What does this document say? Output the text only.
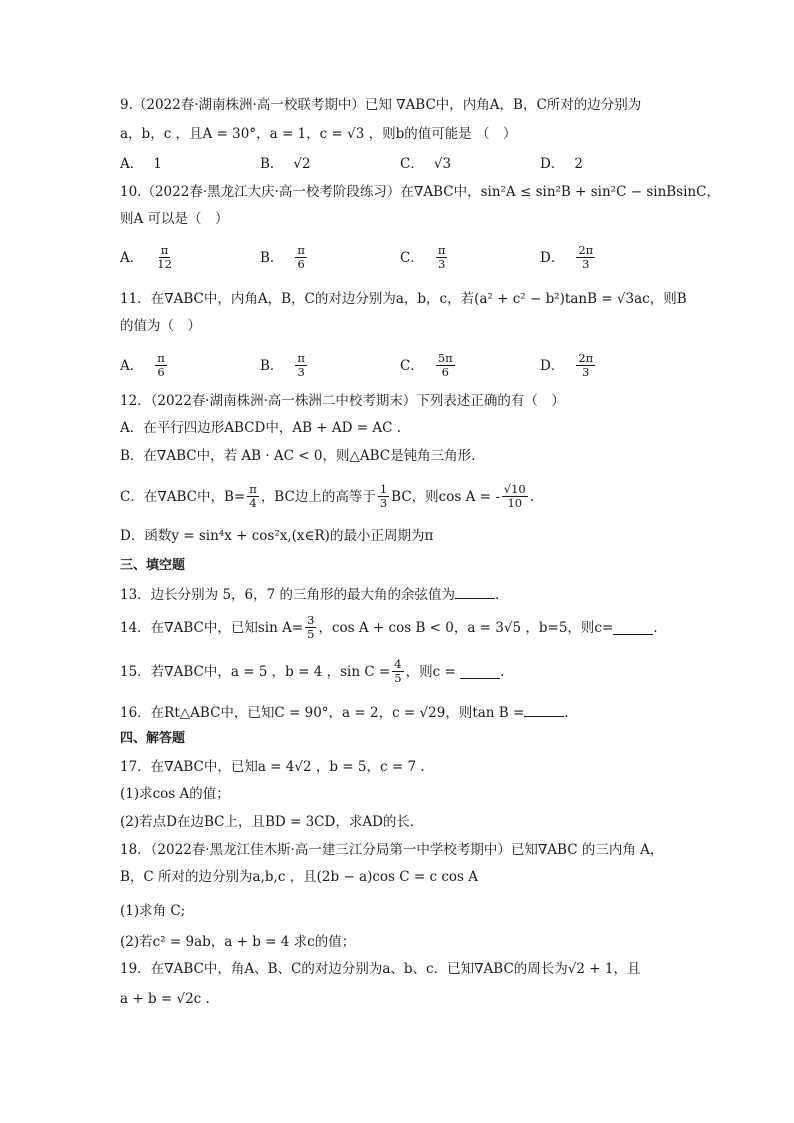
9.（2022春·湖南株洲·高一校联考期中）已知 ∇ABC中，内角A，B，C所对的边分别为
a，b，c ，且A = 30°，a = 1，c = √3 ，则b的值可能是 （　）
A． 1	B． √2	C． √3	D． 2
10.（2022春·黑龙江大庆·高一校考阶段练习）在∇ABC中，sin²A ≤ sin²B + sin²C − sinBsinC，
则A 可以是（　）
A． $\frac{\pi}{12}$	B． $\frac{\pi}{6}$	C． $\frac{\pi}{3}$	D． $\frac{2\pi}{3}$
11．在∇ABC中，内角A，B，C的对边分别为a，b，c，若(a² + c² − b²)tanB = √3ac，则B
的值为（　）
A． $\frac{\pi}{6}$	B． $\frac{\pi}{3}$	C． $\frac{5\pi}{6}$	D． $\frac{2\pi}{3}$
12．（2022春·湖南株洲·高一株洲二中校考期末）下列表述正确的有（　）
A．在平行四边形ABCD中，AB + AD = AC .
B．在∇ABC中，若 AB · AC < 0，则△ABC是钝角三角形.
C．在∇ABC中，$B= \frac{\pi}{4}$ ，BC边上的高等于 $\frac{1}{3}$ BC，则cos A = - $\frac{√10}{10}$ .
D．函数y = sin⁴x + cos²x,(x∈R)的最小正周期为π
三、填空题
13．边长分别为 5，6，7 的三角形的最大角的余弦值为	.
14．在∇ABC中，已知$\sin A= \frac{3}{5}$ ，cos A + cos B < 0，a = 3√5 ，b=5，则c=	.
15．若∇ABC中，a = 5 ，b = 4 ，$\sin C = \frac{4}{5}$ ，则c =
	.
16．在Rt△ABC中，已知C = 90°，a = 2，c = √29，则tan B =	.
四、解答题
17．在∇ABC中，已知a = 4√2 ，b = 5，c = 7 .
(1)求cos A的值；
(2)若点D在边BC上，且BD = 3CD，求AD的长．
18．（2022春·黑龙江佳木斯·高一建三江分局第一中学校考期中）已知∇ABC 的三内角 A，
B，C 所对的边分别为a,b,c ，且(2b − a)cos C = c cos A
(1)求角 C;
(2)若c² = 9ab，a + b = 4 求c的值；
19．在∇ABC中，角A、B、C的对边分别为a、b、c．已知∇ABC的周长为√2 + 1，且
a + b = √2c .
